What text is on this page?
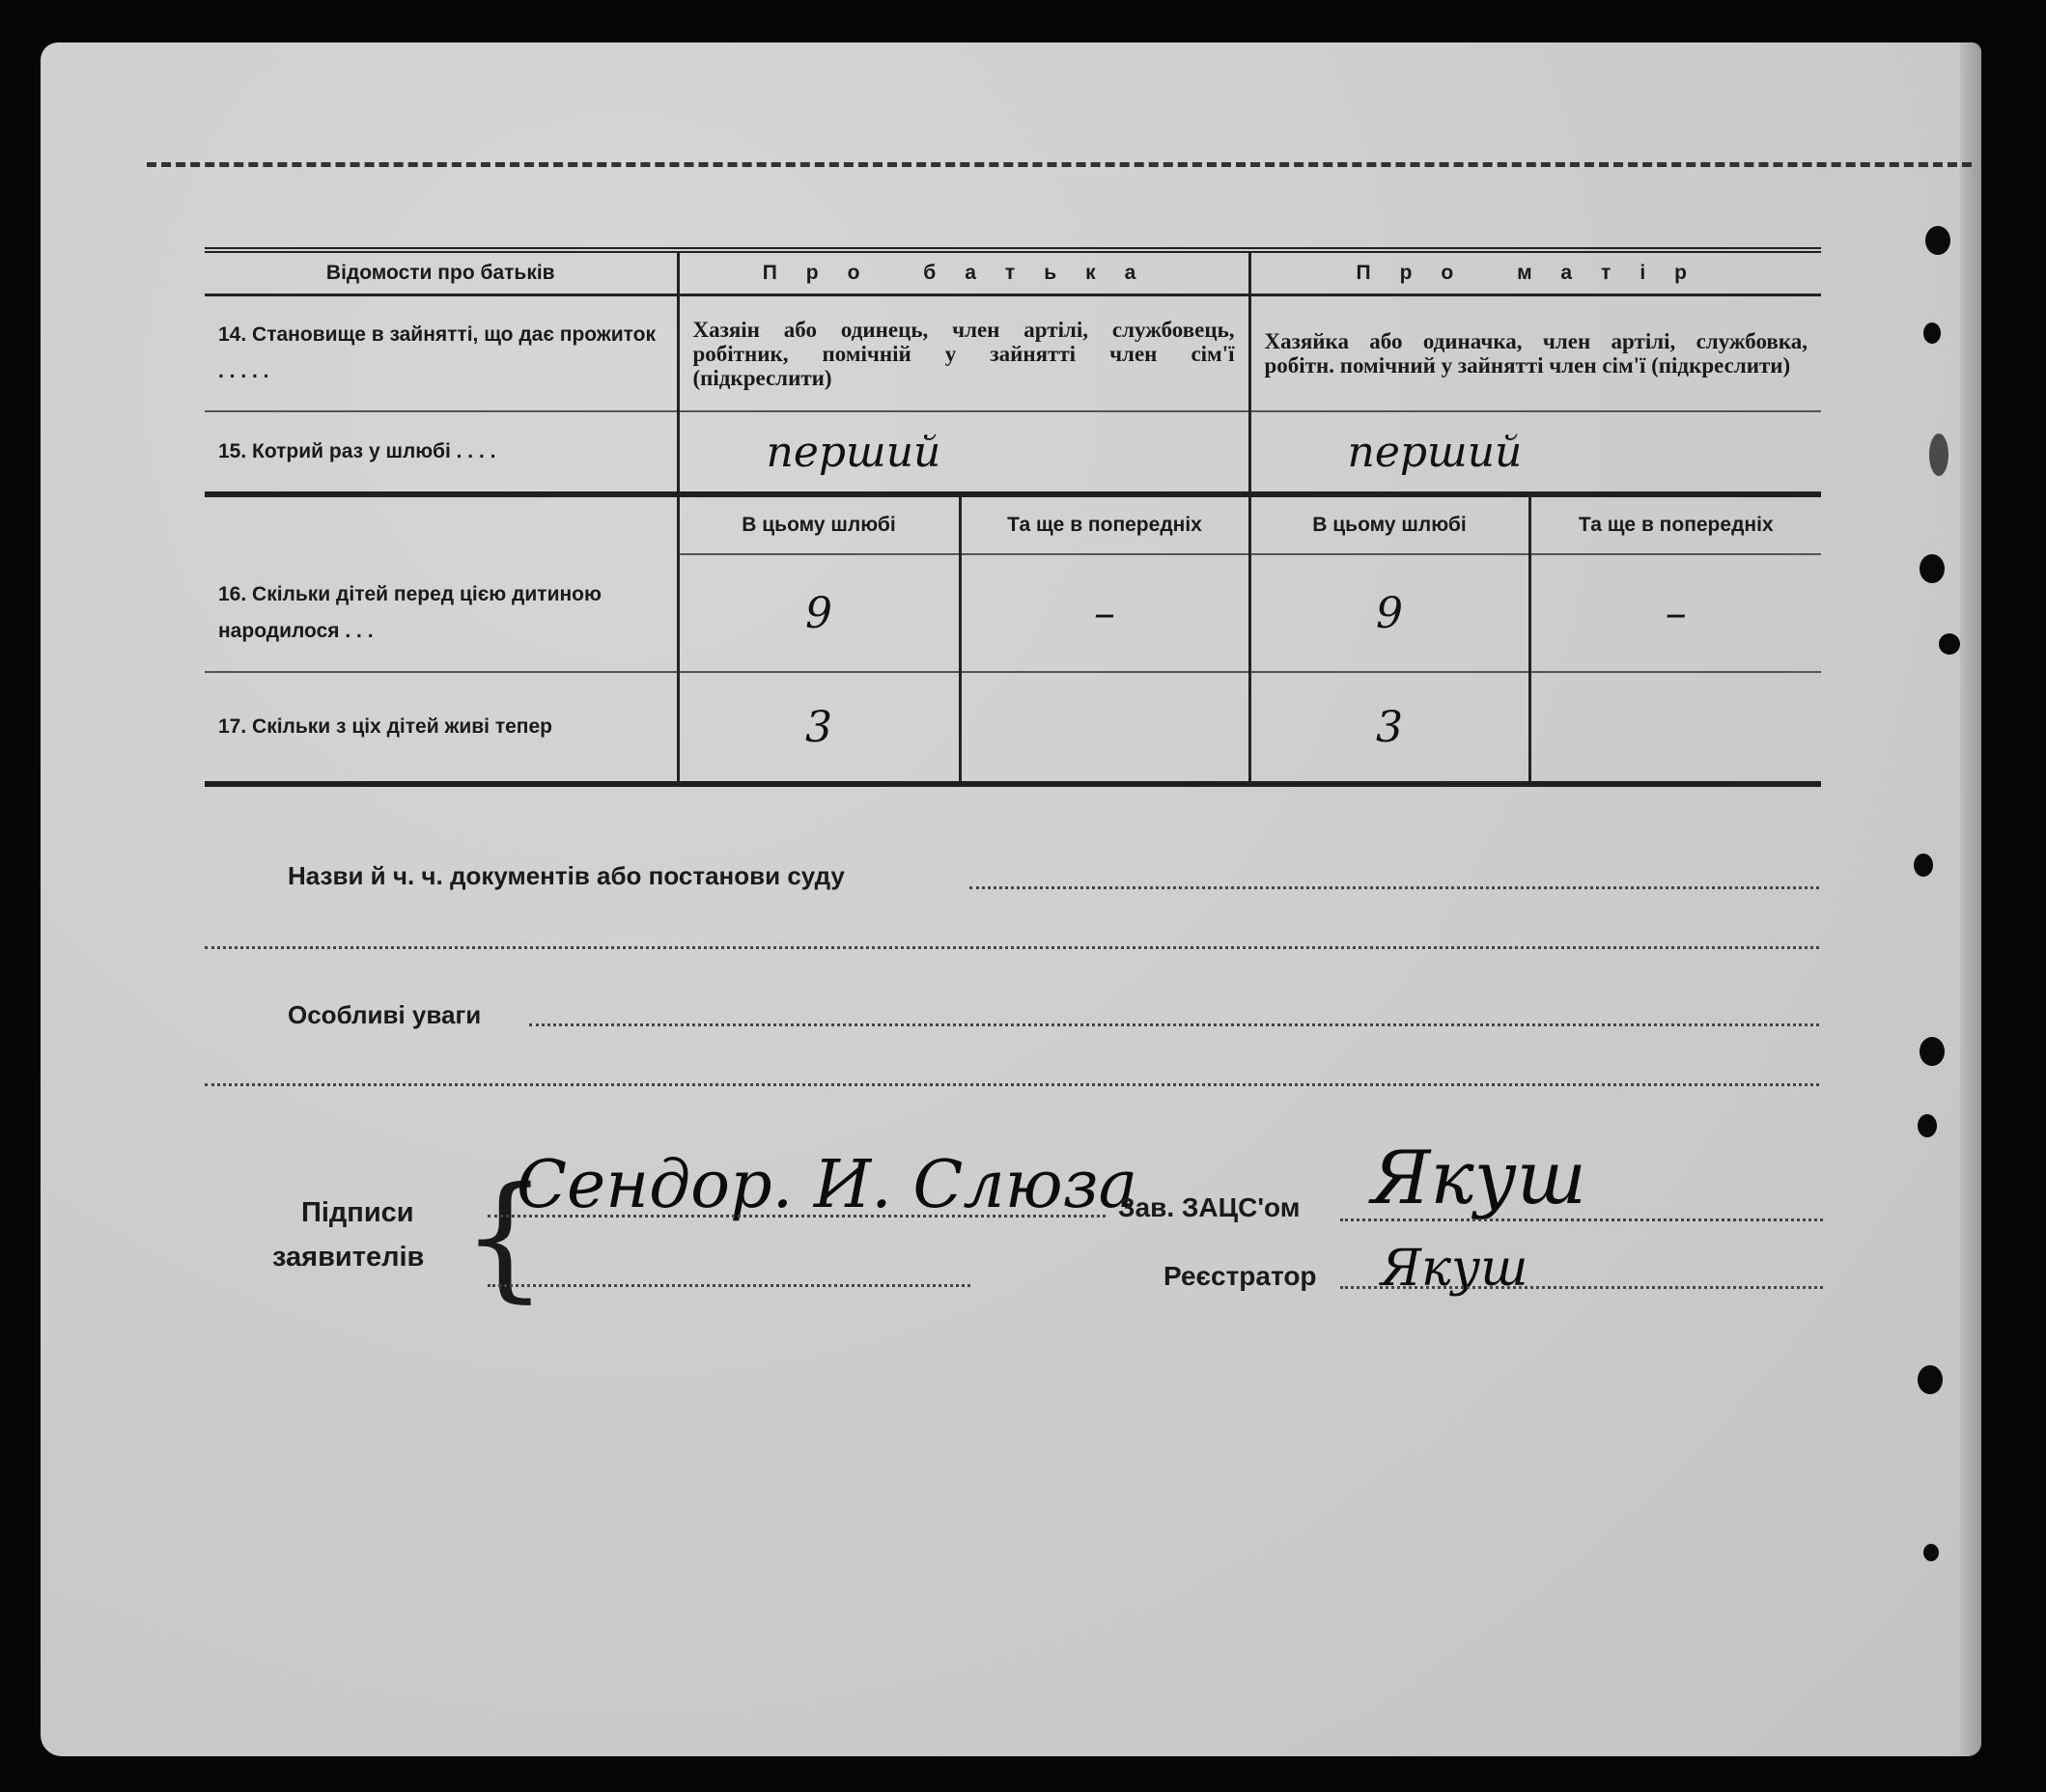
Відомости про батьків	Про батька		Про матір	
14. Становище в зайнятті, що дає прожиток . . . . .	Хазяін або одинець, член артілі, службовець, робітник, помічній у зайнятті член сім'ї (підкреслити)		Хазяйка або одиначка, член артілі, службовка, робітн. помічний у зайнятті член сім'ї (підкреслити)	
15. Котрий раз у шлюбі . . . .	перший		перший	
	В цьому шлюбі	Та ще в попередніх	В цьому шлюбі	Та ще в попередніх
16. Скільки дітей перед цією дитиною народилося . . .	9	–	9	–
17. Скільки з ціх дітей живі тепер	3		3	
Назви й ч. ч. документів або постанови суду
Особливі уваги
Підписи
заявителів {
Сендор. И. Слюза
Зав. ЗАЦС'ом Якуш
Реєстратор Якуш
